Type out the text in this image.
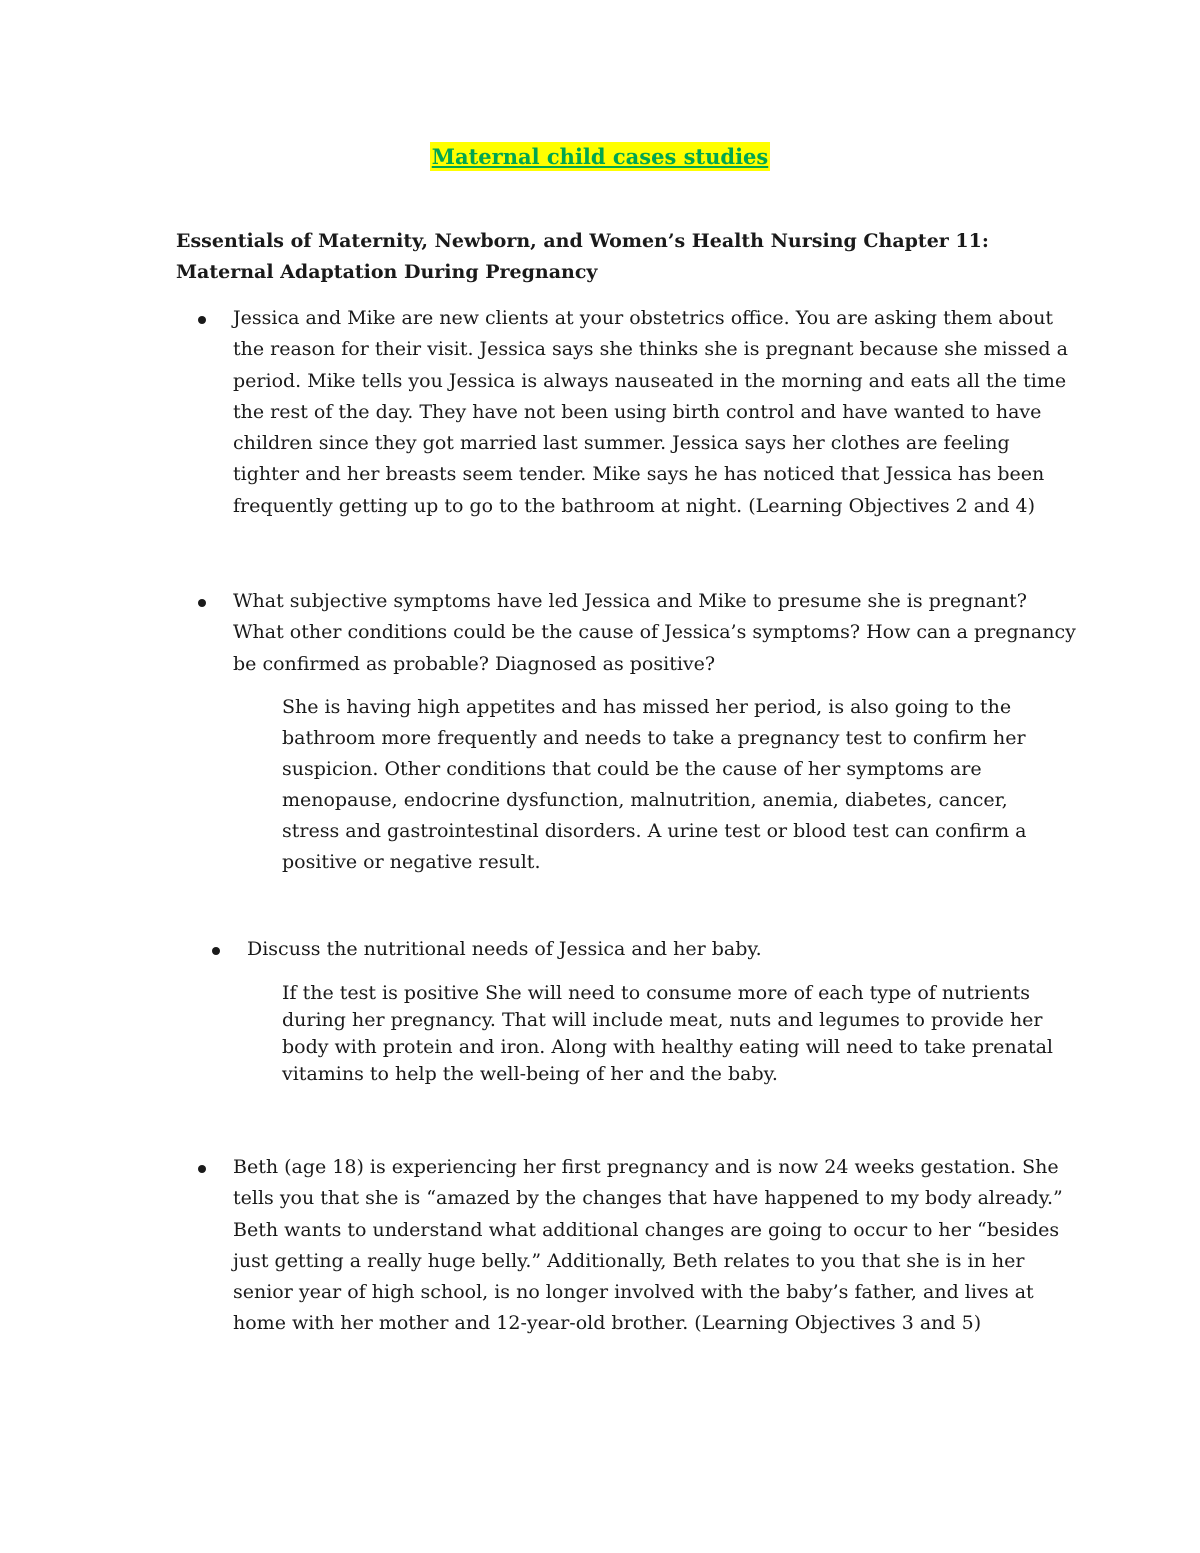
Maternal child cases studies
Essentials of Maternity, Newborn, and Women’s Health Nursing Chapter 11: Maternal Adaptation During Pregnancy

Jessica and Mike are new clients at your obstetrics office. You are asking them about the reason for their visit. Jessica says she thinks she is pregnant because she missed a period. Mike tells you Jessica is always nauseated in the morning and eats all the time the rest of the day. They have not been using birth control and have wanted to have children since they got married last summer. Jessica says her clothes are feeling tighter and her breasts seem tender. Mike says he has noticed that Jessica has been frequently getting up to go to the bathroom at night. (Learning Objectives 2 and 4)

What subjective symptoms have led Jessica and Mike to presume she is pregnant? What other conditions could be the cause of Jessica’s symptoms? How can a pregnancy be confirmed as probable? Diagnosed as positive?

She is having high appetites and has missed her period, is also going to the bathroom more frequently and needs to take a pregnancy test to confirm her suspicion. Other conditions that could be the cause of her symptoms are menopause, endocrine dysfunction, malnutrition, anemia, diabetes, cancer, stress and gastrointestinal disorders. A urine test or blood test can confirm a positive or negative result.

Discuss the nutritional needs of Jessica and her baby.

If the test is positive She will need to consume more of each type of nutrients during her pregnancy. That will include meat, nuts and legumes to provide her body with protein and iron. Along with healthy eating will need to take prenatal vitamins to help the well-being of her and the baby.

Beth (age 18) is experiencing her first pregnancy and is now 24 weeks gestation. She tells you that she is “amazed by the changes that have happened to my body already.” Beth wants to understand what additional changes are going to occur to her “besides just getting a really huge belly.” Additionally, Beth relates to you that she is in her senior year of high school, is no longer involved with the baby’s father, and lives at home with her mother and 12-year-old brother. (Learning Objectives 3 and 5)
